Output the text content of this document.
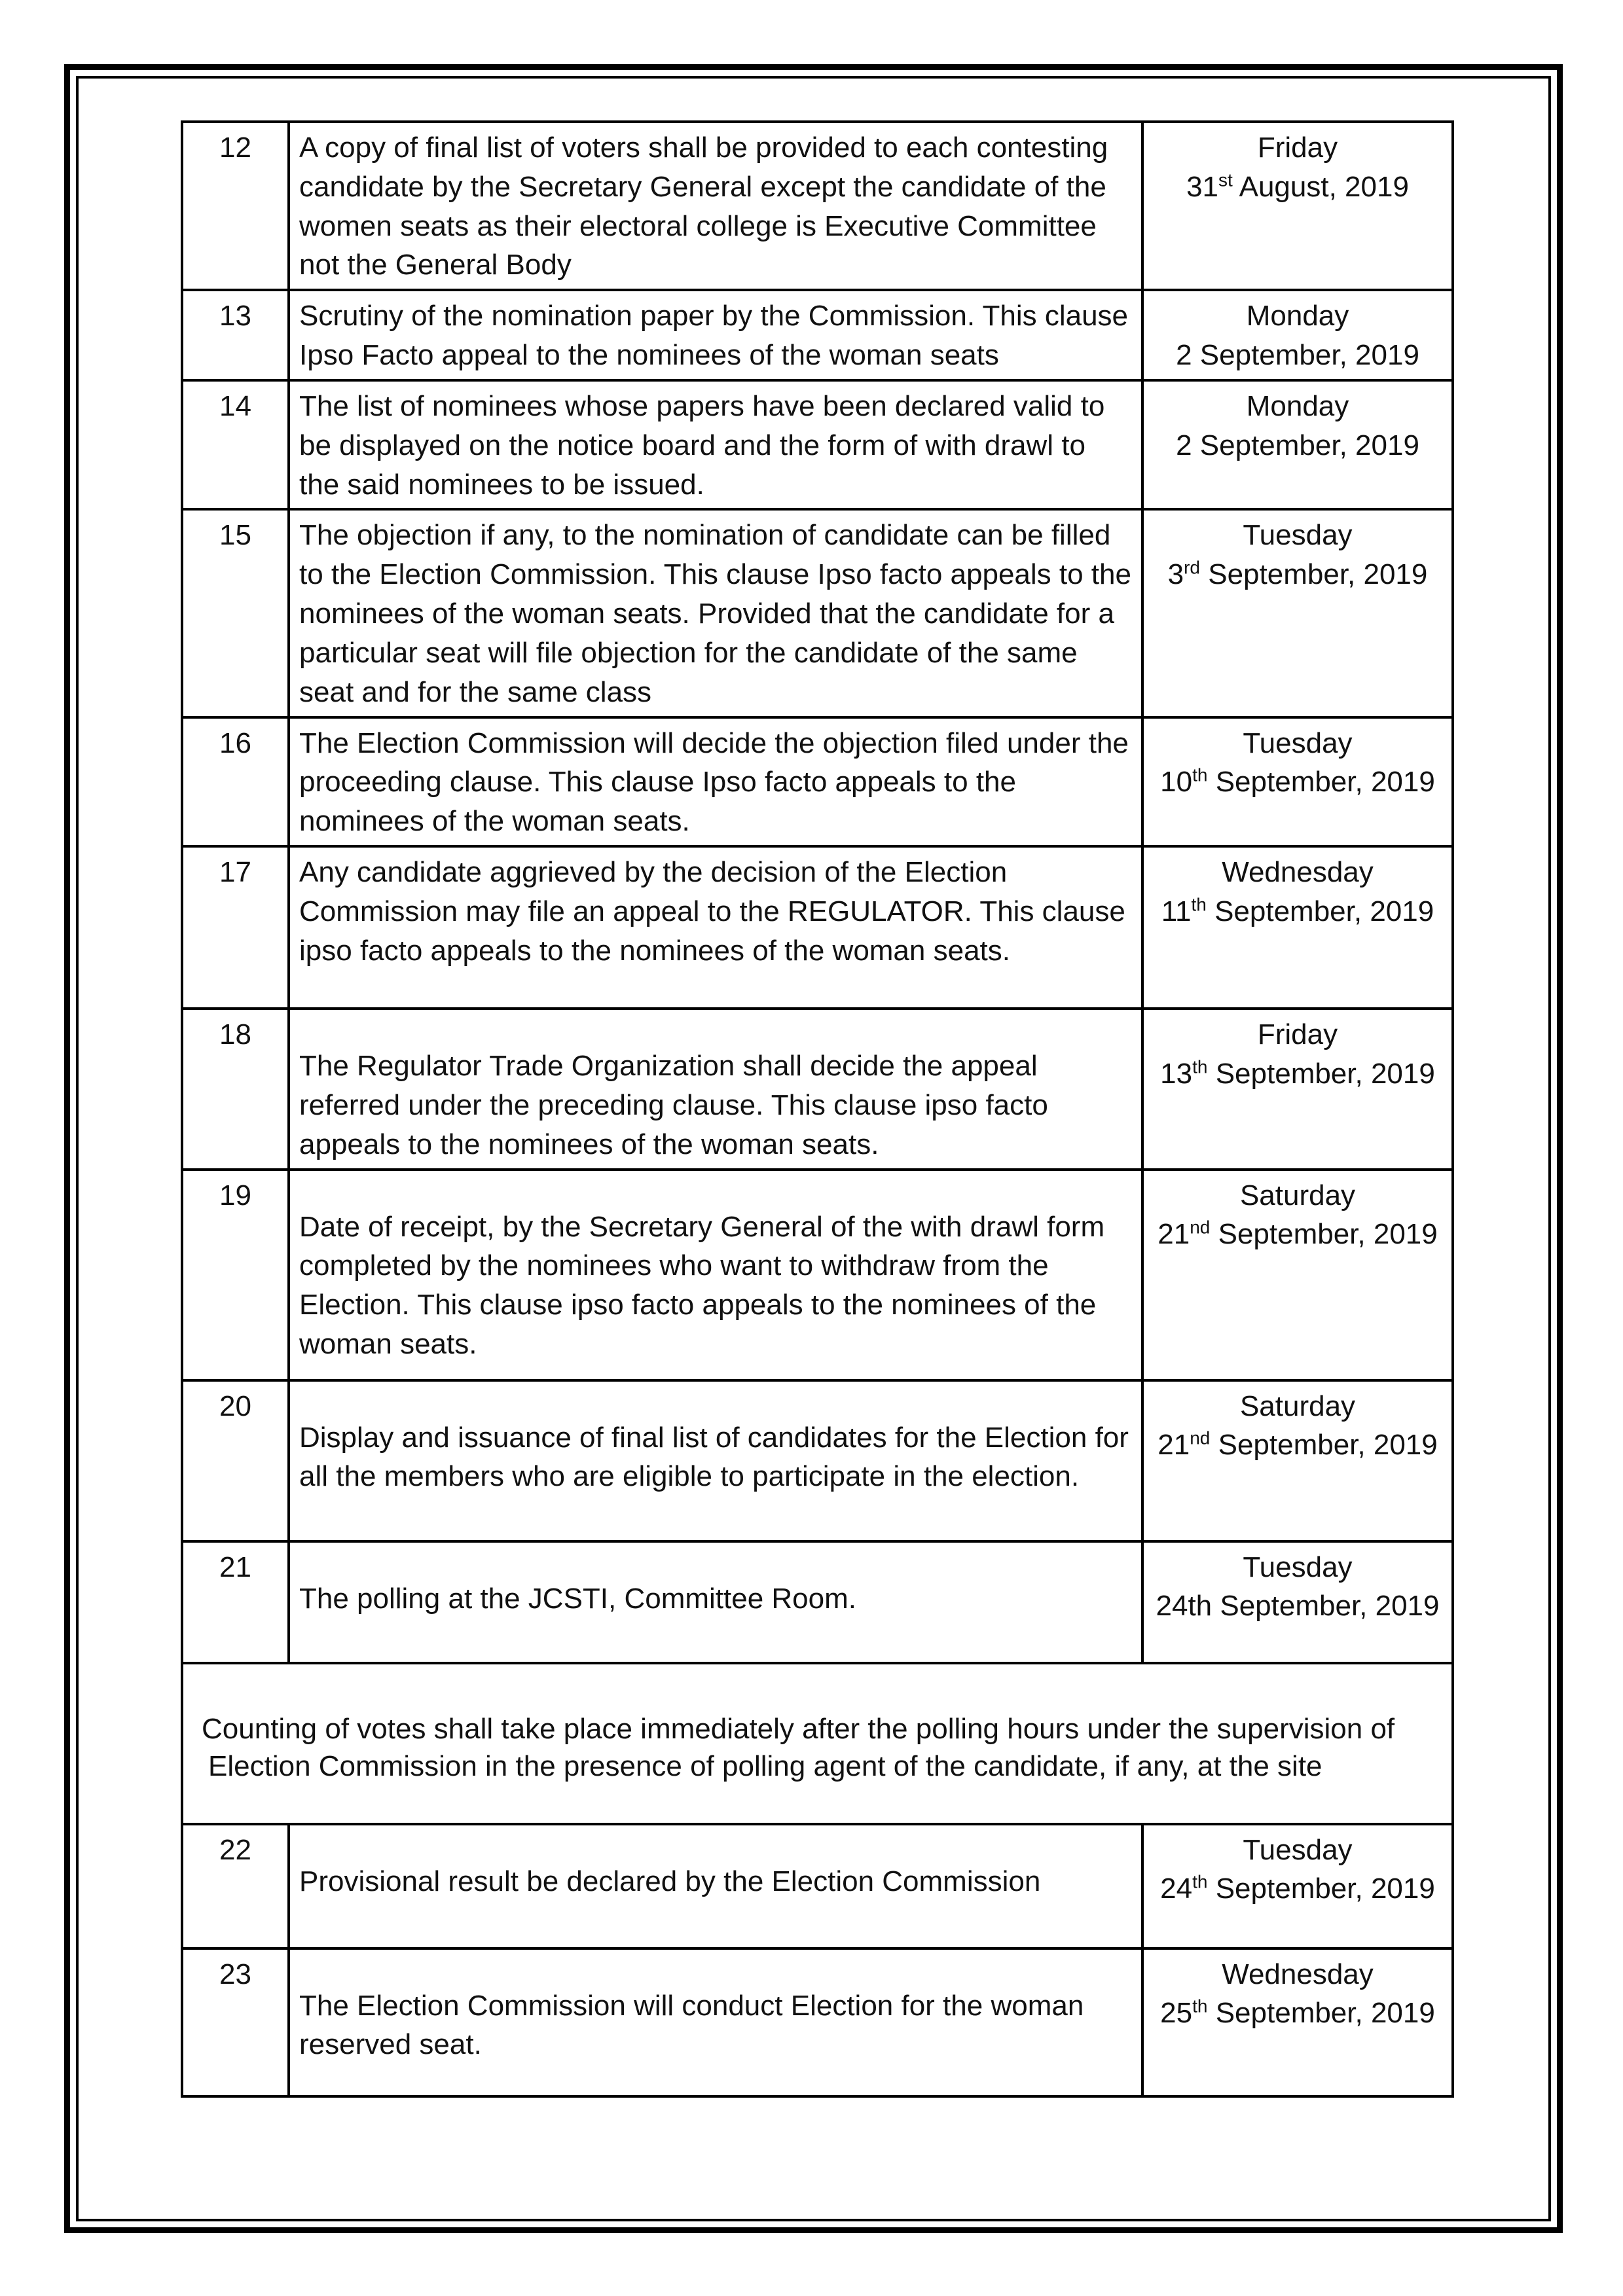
12	A copy of final list of voters shall be provided to each contesting candidate by the Secretary General except the candidate of the women seats as their electoral college is Executive Committee not the General Body	Friday
31st August, 2019

13	Scrutiny of the nomination paper by the Commission. This clause Ipso Facto appeal to the nominees of the woman seats	Monday
2 September, 2019

14	The list of nominees whose papers have been declared valid to be displayed on the notice board and the form of with drawl to the said nominees to be issued.	Monday
2 September, 2019

15	The objection if any, to the nomination of candidate can be filled to the Election Commission. This clause Ipso facto appeals to the nominees of the woman seats. Provided that the candidate for a particular seat will file objection for the candidate of the same seat and for the same class	Tuesday
3rd September, 2019

16	The Election Commission will decide the objection filed under the proceeding clause. This clause Ipso facto appeals to the nominees of the woman seats.	Tuesday
10th September, 2019

17	Any candidate aggrieved by the decision of the Election Commission may file an appeal to the REGULATOR. This clause ipso facto appeals to the nominees of the woman seats.	Wednesday
11th September, 2019

18	The Regulator Trade Organization shall decide the appeal referred under the preceding clause. This clause ipso facto appeals to the nominees of the woman seats.	Friday
13th September, 2019

19	Date of receipt, by the Secretary General of the with drawl form completed by the nominees who want to withdraw from the Election. This clause ipso facto appeals to the nominees of the woman seats.	Saturday
21nd September, 2019

20	Display and issuance of final list of candidates for the Election for all the members who are eligible to participate in the election.	Saturday
21nd September, 2019

21	The polling at the JCSTI, Committee Room.	Tuesday
24th September, 2019

Counting of votes shall take place immediately after the polling hours under the supervision of
Election Commission in the presence of polling agent of the candidate, if any, at the site		

22	Provisional result be declared by the Election Commission	Tuesday
24th September, 2019

23	The Election Commission will conduct Election for the woman reserved seat.	Wednesday
25th September, 2019
